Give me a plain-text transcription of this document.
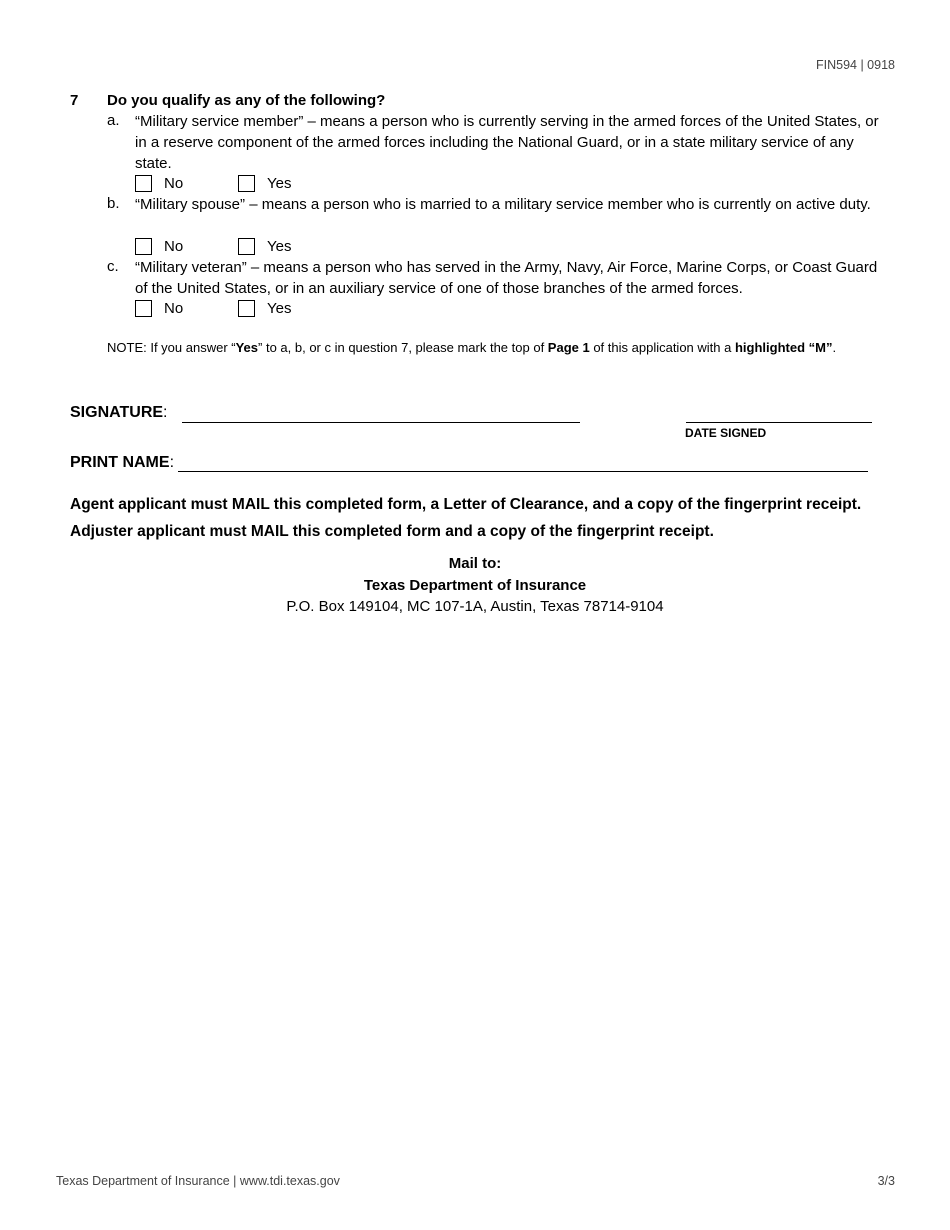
FIN594 | 0918
7 Do you qualify as any of the following?
a. “Military service member” – means a person who is currently serving in the armed forces of the United States, or in a reserve component of the armed forces including the National Guard, or in a state military service of any state.
No	Yes
b. “Military spouse” – means a person who is married to a military service member who is currently on active duty.
No	Yes
c. “Military veteran” – means a person who has served in the Army, Navy, Air Force, Marine Corps, or Coast Guard of the United States, or in an auxiliary service of one of those branches of the armed forces.
No	Yes
NOTE: If you answer “Yes” to a, b, or c in question 7, please mark the top of Page 1 of this application with a highlighted “M”.
SIGNATURE:
DATE SIGNED
PRINT NAME:
Agent applicant must MAIL this completed form, a Letter of Clearance, and a copy of the fingerprint receipt.
Adjuster applicant must MAIL this completed form and a copy of the fingerprint receipt.
Mail to:
Texas Department of Insurance
P.O. Box 149104, MC 107-1A, Austin, Texas 78714-9104
Texas Department of Insurance | www.tdi.texas.gov	3/3
